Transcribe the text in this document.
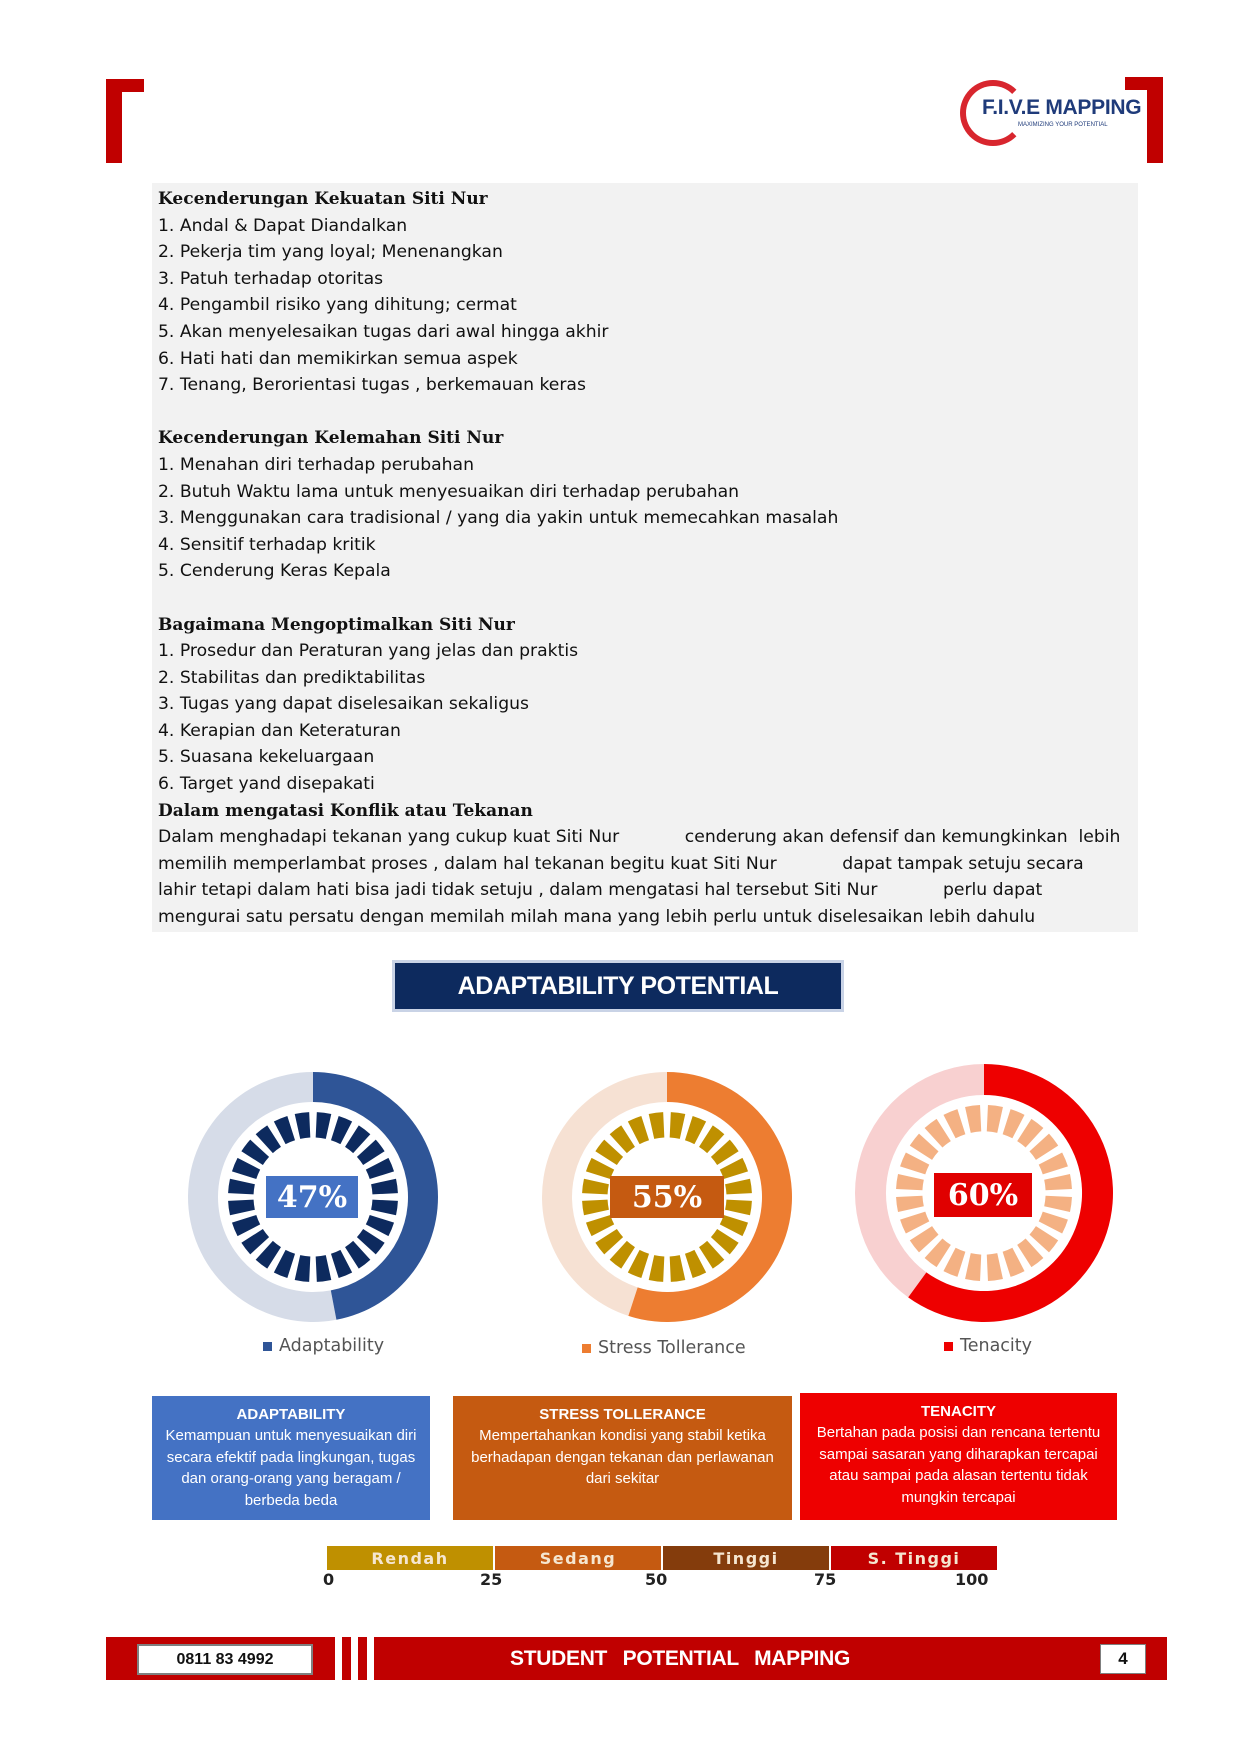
F.I.V.E MAPPING
MAXIMIZING YOUR POTENTIAL
Kecenderungan Kekuatan Siti Nur
1. Andal & Dapat Diandalkan
2. Pekerja tim yang loyal; Menenangkan
3. Patuh terhadap otoritas
4. Pengambil risiko yang dihitung; cermat
5. Akan menyelesaikan tugas dari awal hingga akhir
6. Hati hati dan memikirkan semua aspek
7. Tenang, Berorientasi tugas , berkemauan keras
Kecenderungan Kelemahan Siti Nur
1. Menahan diri terhadap perubahan
2. Butuh Waktu lama untuk menyesuaikan diri terhadap perubahan
3. Menggunakan cara tradisional / yang dia yakin untuk memecahkan masalah
4. Sensitif terhadap kritik
5. Cenderung Keras Kepala
Bagaimana Mengoptimalkan Siti Nur
1. Prosedur dan Peraturan yang jelas dan praktis
2. Stabilitas dan prediktabilitas
3. Tugas yang dapat diselesaikan sekaligus
4. Kerapian dan Keteraturan
5. Suasana kekeluargaan
6. Target yand disepakati
Dalam mengatasi Konflik atau Tekanan
Dalam menghadapi tekanan yang cukup kuat Siti Nur            cenderung akan defensif dan kemungkinkan  lebih
memilih memperlambat proses , dalam hal tekanan begitu kuat Siti Nur            dapat tampak setuju secara
lahir tetapi dalam hati bisa jadi tidak setuju , dalam mengatasi hal tersebut Siti Nur            perlu dapat
mengurai satu persatu dengan memilah milah mana yang lebih perlu untuk diselesaikan lebih dahulu
ADAPTABILITY POTENTIAL
47%
Adaptability
55%
Stress Tollerance
60%
Tenacity
ADAPTABILITY
Kemampuan untuk menyesuaikan diri secara efektif pada lingkungan, tugas dan orang-orang yang beragam / berbeda beda
STRESS TOLLERANCE
Mempertahankan kondisi yang stabil ketika berhadapan dengan tekanan dan perlawanan dari sekitar
TENACITY
Bertahan pada posisi dan rencana tertentu sampai sasaran yang diharapkan tercapai atau sampai pada alasan tertentu tidak mungkin tercapai
Rendah	Sedang	Tinggi	S. Tinggi
0	25	50	75	100
0811 83 4992	STUDENT POTENTIAL MAPPING	4
